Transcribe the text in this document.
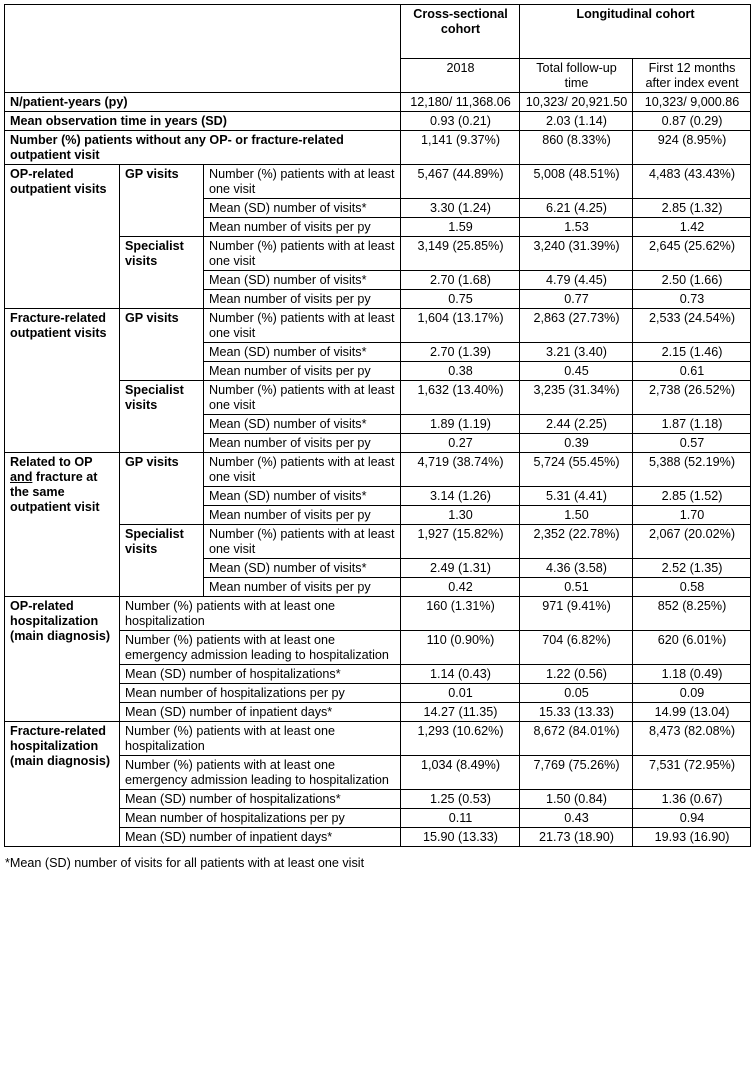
			Cross-sectional cohort	Longitudinal cohort	
			2018	Total follow-up time	First 12 months after index event
N/patient-years (py)			12,180/ 11,368.06	10,323/ 20,921.50	10,323/ 9,000.86
Mean observation time in years (SD)			0.93 (0.21)	2.03 (1.14)	0.87 (0.29)
Number (%) patients without any OP- or fracture-related outpatient visit			1,141 (9.37%)	860 (8.33%)	924 (8.95%)
OP-related outpatient visits	GP visits	Number (%) patients with at least one visit	5,467 (44.89%)	5,008 (48.51%)	4,483 (43.43%)
		Mean (SD) number of visits*	3.30 (1.24)	6.21 (4.25)	2.85 (1.32)
		Mean number of visits per py	1.59	1.53	1.42
	Specialist visits	Number (%) patients with at least one visit	3,149 (25.85%)	3,240 (31.39%)	2,645 (25.62%)
		Mean (SD) number of visits*	2.70 (1.68)	4.79 (4.45)	2.50 (1.66)
		Mean number of visits per py	0.75	0.77	0.73
Fracture-related outpatient visits	GP visits	Number (%) patients with at least one visit	1,604 (13.17%)	2,863 (27.73%)	2,533 (24.54%)
		Mean (SD) number of visits*	2.70 (1.39)	3.21 (3.40)	2.15 (1.46)
		Mean number of visits per py	0.38	0.45	0.61
	Specialist visits	Number (%) patients with at least one visit	1,632 (13.40%)	3,235 (31.34%)	2,738 (26.52%)
		Mean (SD) number of visits*	1.89 (1.19)	2.44 (2.25)	1.87 (1.18)
		Mean number of visits per py	0.27	0.39	0.57
Related to OP and fracture at the same outpatient visit	GP visits	Number (%) patients with at least one visit	4,719 (38.74%)	5,724 (55.45%)	5,388 (52.19%)
		Mean (SD) number of visits*	3.14 (1.26)	5.31 (4.41)	2.85 (1.52)
		Mean number of visits per py	1.30	1.50	1.70
	Specialist visits	Number (%) patients with at least one visit	1,927 (15.82%)	2,352 (22.78%)	2,067 (20.02%)
		Mean (SD) number of visits*	2.49 (1.31)	4.36 (3.58)	2.52 (1.35)
		Mean number of visits per py	0.42	0.51	0.58
OP-related hospitalization (main diagnosis)	Number (%) patients with at least one hospitalization		160 (1.31%)	971 (9.41%)	852 (8.25%)
	Number (%) patients with at least one emergency admission leading to hospitalization		110 (0.90%)	704 (6.82%)	620 (6.01%)
	Mean (SD) number of hospitalizations*		1.14 (0.43)	1.22 (0.56)	1.18 (0.49)
	Mean number of hospitalizations per py		0.01	0.05	0.09
	Mean (SD) number of inpatient days*		14.27 (11.35)	15.33 (13.33)	14.99 (13.04)
Fracture-related hospitalization (main diagnosis)	Number (%) patients with at least one hospitalization		1,293 (10.62%)	8,672 (84.01%)	8,473 (82.08%)
	Number (%) patients with at least one emergency admission leading to hospitalization		1,034 (8.49%)	7,769 (75.26%)	7,531 (72.95%)
	Mean (SD) number of hospitalizations*		1.25 (0.53)	1.50 (0.84)	1.36 (0.67)
	Mean number of hospitalizations per py		0.11	0.43	0.94
	Mean (SD) number of inpatient days*		15.90 (13.33)	21.73 (18.90)	19.93 (16.90)
*Mean (SD) number of visits for all patients with at least one visit
